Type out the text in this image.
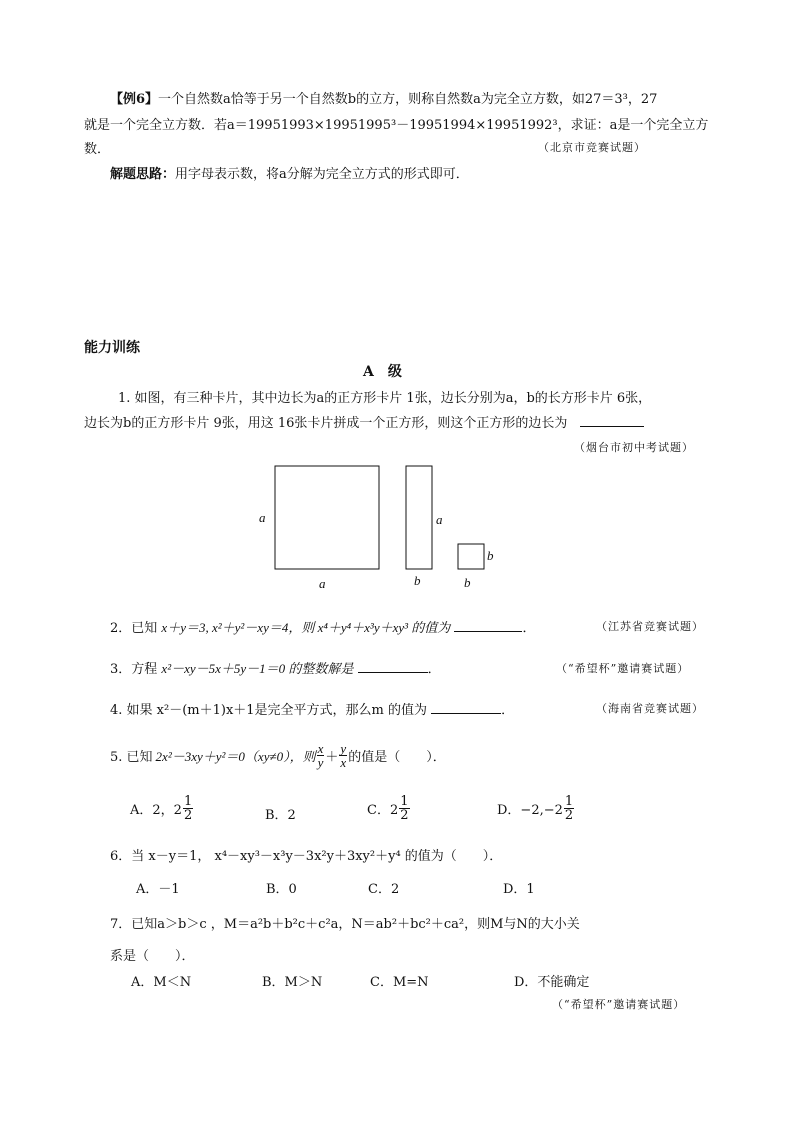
【例6】一个自然数a恰等于另一个自然数b的立方，则称自然数a为完全立方数，如27＝3³，27
就是一个完全立方数．若a＝19951993×19951995³－19951994×19951992³，求证：a是一个完全立方
数．	（北京市竞赛试题）
解题思路：用字母表示数，将a分解为完全立方式的形式即可．
能力训练
A　级
1. 如图，有三种卡片，其中边长为a的正方形卡片 1张，边长分别为a，b的长方形卡片 6张，
边长为b的正方形卡片 9张，用这 16张卡片拼成一个正方形，则这个正方形的边长为
（烟台市初中考试题）
a
a
a
b
b
b
2．已知 x＋y＝3, x²＋y²－xy＝4，则 x⁴＋y⁴＋x³y＋xy³ 的值为	．	（江苏省竞赛试题）
3．方程 x²－xy－5x＋5y－1＝0 的整数解是	．	（“希望杯”邀请赛试题）
4. 如果 x²－(m＋1)x＋1是完全平方式，那么m 的值为	．	（海南省竞赛试题）
5. 已知 2x²－3xy＋y²＝0（xy≠0），则 $\frac{x}{y} + \frac{y}{x}$ 的值是（　　）．
A．2，$2 \frac{1}{2}$	B．2	C．$2 \frac{1}{2}$	D．$-2,-2 \frac{1}{2}$
6．当 x－y＝1， x⁴－xy³－x³y－3x²y＋3xy²＋y⁴ 的值为（　　）．
A．－1	B．0	C．2	D．1
7．已知a＞b＞c ，M＝a²b＋b²c＋c²a，N＝ab²＋bc²＋ca²，则M与N的大小关
系是（　　）．
A．M＜N	B．M＞N	C．M=N	D．不能确定
（“希望杯”邀请赛试题）
